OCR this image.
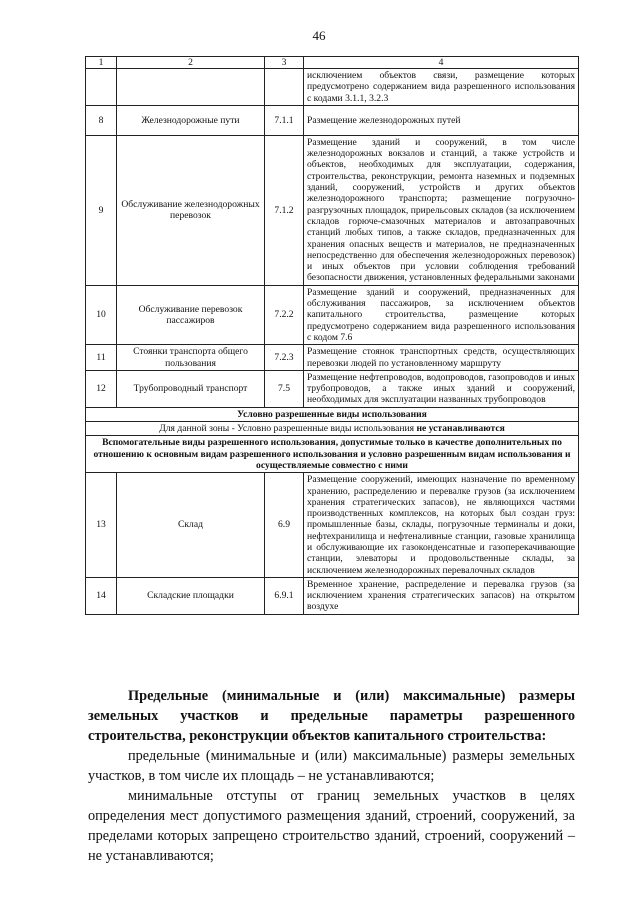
46
1	2	3	4
			исключением объектов связи, размещение которых предусмотрено содержанием вида разрешенного использования с кодами 3.1.1, 3.2.3
8	Железнодорожные пути	7.1.1	Размещение железнодорожных путей
9	Обслуживание железнодорожных перевозок	7.1.2	Размещение зданий и сооружений, в том числе железнодорожных вокзалов и станций, а также устройств и объектов, необходимых для эксплуатации, содержания, строительства, реконструкции, ремонта наземных и подземных зданий, сооружений, устройств и других объектов железнодорожного транспорта; размещение погрузочно-разгрузочных площадок, прирельсовых складов (за исключением складов горюче-смазочных материалов и автозаправочных станций любых типов, а также складов, предназначенных для хранения опасных веществ и материалов, не предназначенных непосредственно для обеспечения железнодорожных перевозок) и иных объектов при условии соблюдения требований безопасности движения, установленных федеральными законами
10	Обслуживание перевозок пассажиров	7.2.2	Размещение зданий и сооружений, предназначенных для обслуживания пассажиров, за исключением объектов капитального строительства, размещение которых предусмотрено содержанием вида разрешенного использования с кодом 7.6
11	Стоянки транспорта общего пользования	7.2.3	Размещение стоянок транспортных средств, осуществляющих перевозки людей по установленному маршруту
12	Трубопроводный транспорт	7.5	Размещение нефтепроводов, водопроводов, газопроводов и иных трубопроводов, а также иных зданий и сооружений, необходимых для эксплуатации названных трубопроводов
Условно разрешенные виды использования			
Для данной зоны - Условно разрешенные виды использования не устанавливаются			
Вспомогательные виды разрешенного использования, допустимые только в качестве дополнительных по отношению к основным видам разрешенного использования и условно разрешенным видам использования и осуществляемые совместно с ними			
13	Склад	6.9	Размещение сооружений, имеющих назначение по временному хранению, распределению и перевалке грузов (за исключением хранения стратегических запасов), не являющихся частями производственных комплексов, на которых был создан груз: промышленные базы, склады, погрузочные терминалы и доки, нефтехранилища и нефтеналивные станции, газовые хранилища и обслуживающие их газоконденсатные и газоперекачивающие станции, элеваторы и продовольственные склады, за исключением железнодорожных перевалочных складов
14	Складские площадки	6.9.1	Временное хранение, распределение и перевалка грузов (за исключением хранения стратегических запасов) на открытом воздухе

Предельные (минимальные и (или) максимальные) размеры земельных участков и предельные параметры разрешенного строительства, реконструкции объектов капитального строительства:

предельные (минимальные и (или) максимальные) размеры земельных участков, в том числе их площадь – не устанавливаются;

минимальные отступы от границ земельных участков в целях определения мест допустимого размещения зданий, строений, сооружений, за пределами которых запрещено строительство зданий, строений, сооружений – не устанавливаются;
